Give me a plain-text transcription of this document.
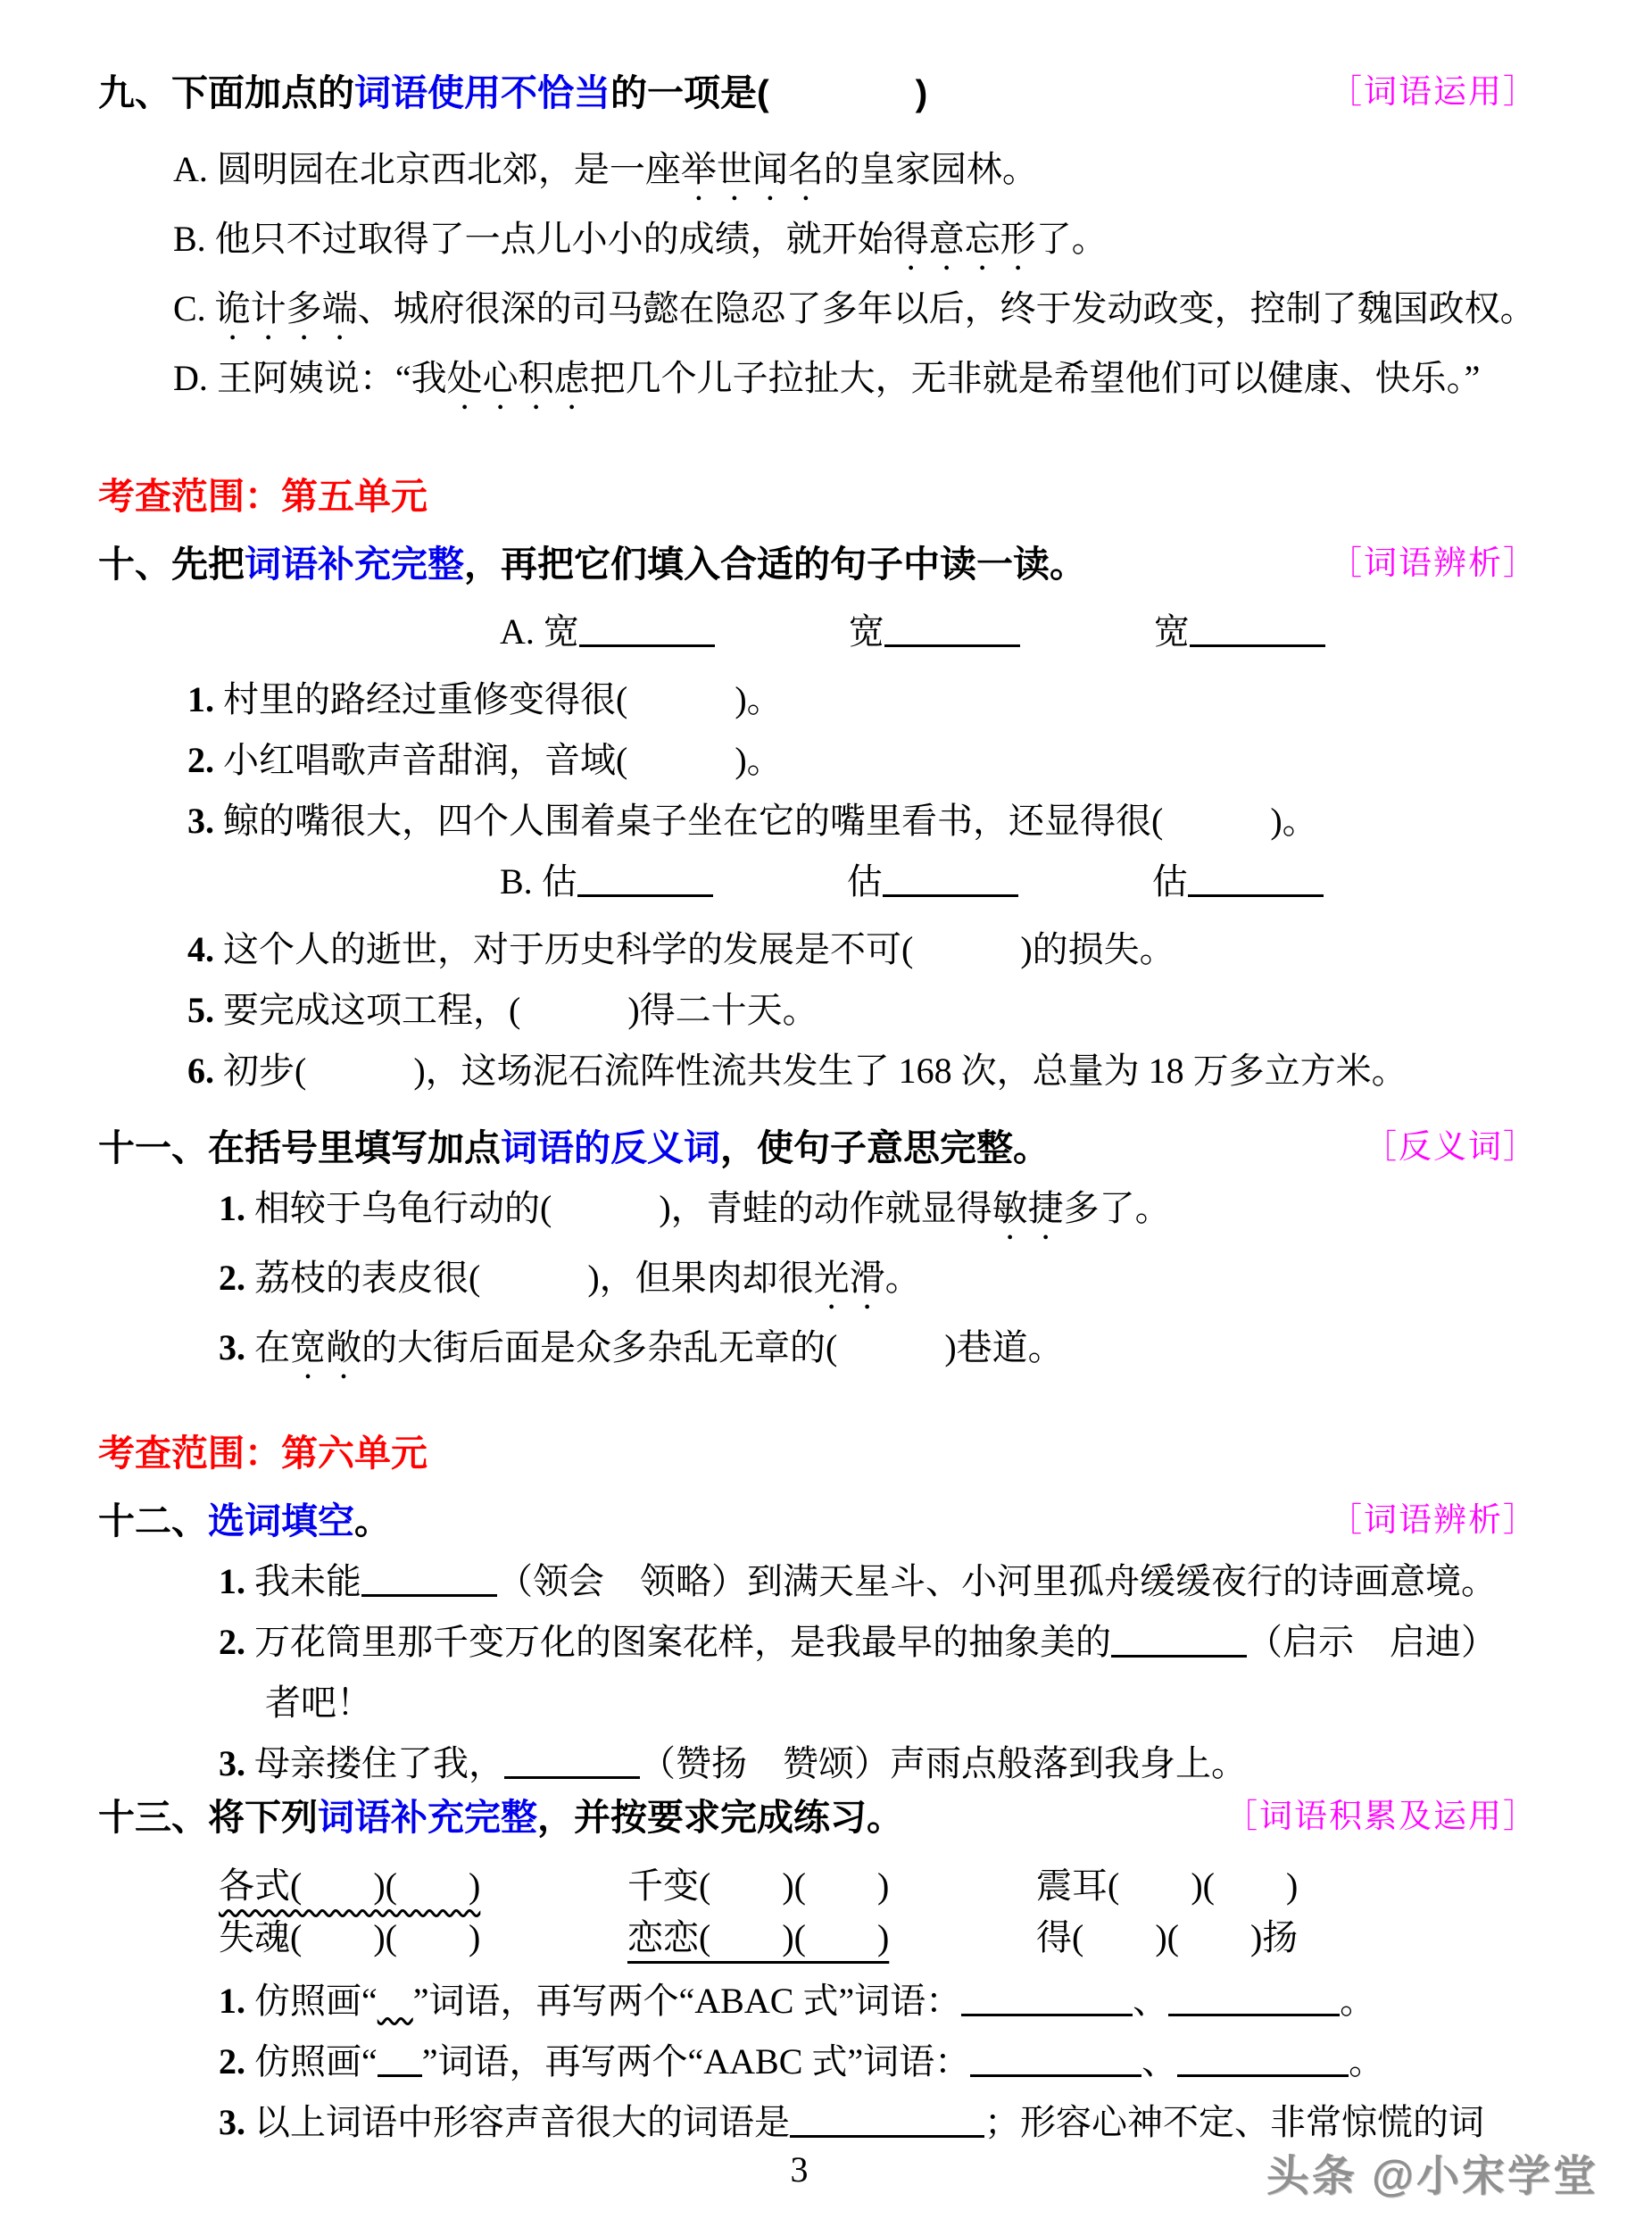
九、下面加点的词语使用不恰当的一项是(　　　　)	［词语运用］
A. 圆明园在北京西北郊，是一座举世闻名的皇家园林。
B. 他只不过取得了一点儿小小的成绩，就开始得意忘形了。
C. 诡计多端、城府很深的司马懿在隐忍了多年以后，终于发动政变，控制了魏国政权。
D. 王阿姨说：“我处心积虑把几个儿子拉扯大，无非就是希望他们可以健康、快乐。”
考查范围：第五单元
十、先把词语补充完整，再把它们填入合适的句子中读一读。	［词语辨析］
A. 宽	宽	宽
1. 村里的路经过重修变得很(　　　)。
2. 小红唱歌声音甜润，音域(　　　)。
3. 鲸的嘴很大，四个人围着桌子坐在它的嘴里看书，还显得很(　　　)。
B. 估	估	估
4. 这个人的逝世，对于历史科学的发展是不可(　　　)的损失。
5. 要完成这项工程，(　　　)得二十天。
6. 初步(　　　)，这场泥石流阵性流共发生了 168 次，总量为 18 万多立方米。
十一、在括号里填写加点词语的反义词，使句子意思完整。	［反义词］
1. 相较于乌龟行动的(　　　)，青蛙的动作就显得敏捷多了。
2. 荔枝的表皮很(　　　)，但果肉却很光滑。
3. 在宽敞的大街后面是众多杂乱无章的(　　　)巷道。
考查范围：第六单元
十二、选词填空。	［词语辨析］
1. 我未能	（领会　领略）到满天星斗、小河里孤舟缓缓夜行的诗画意境。
2. 万花筒里那千变万化的图案花样，是我最早的抽象美的	（启示　启迪）
者吧！
3. 母亲搂住了我，	（赞扬　赞颂）声雨点般落到我身上。
十三、将下列词语补充完整，并按要求完成练习。	［词语积累及运用］
各式(　　)(　　)	千变(　　)(　　)	震耳(　　)(　　)
失魂(　　)(　　)	恋恋(　　)(　　)	得(　　)(　　)扬
1. 仿照画“　 ”词语，再写两个“ABAC 式”词语：	、	。
2. 仿照画“ ”词语，再写两个“AABC 式”词语：	、	。
3. 以上词语中形容声音很大的词语是	；形容心神不定、非常惊慌的词
3	头条 @小宋学堂
